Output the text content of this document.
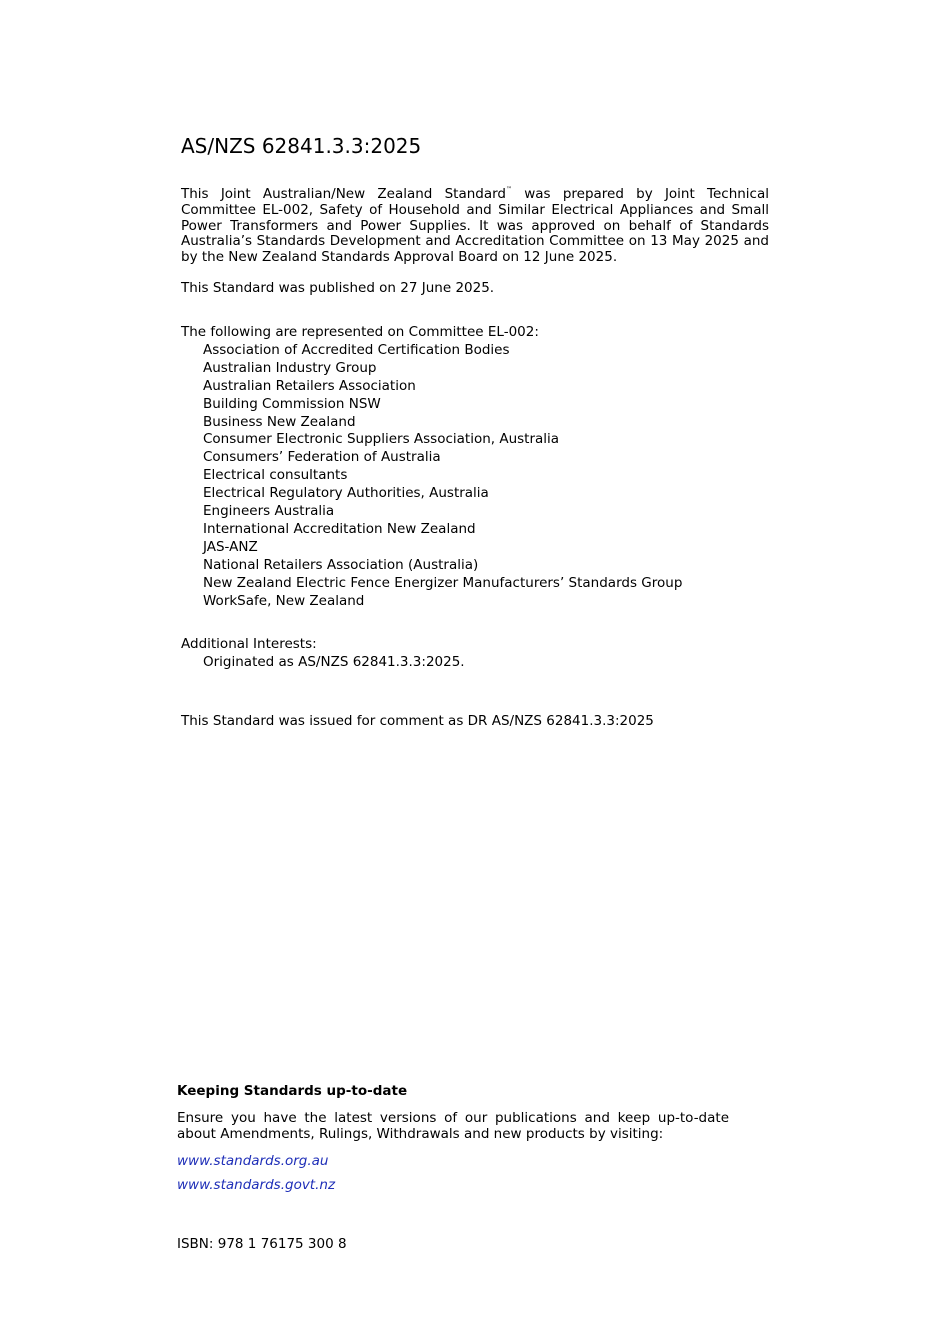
AS/NZS 62841.3.3:2025

This Joint Australian/New Zealand Standard™ was prepared by Joint Technical Committee EL-002, Safety of Household and Similar Electrical Appliances and Small Power Transformers and Power Supplies. It was approved on behalf of Standards Australia’s Standards Development and Accreditation Committee on 13 May 2025 and by the New Zealand Standards Approval Board on 12 June 2025.

This Standard was published on 27 June 2025.
The following are represented on Committee EL-002:
Association of Accredited Certification Bodies
Australian Industry Group
Australian Retailers Association
Building Commission NSW
Business New Zealand
Consumer Electronic Suppliers Association, Australia
Consumers’ Federation of Australia
Electrical consultants
Electrical Regulatory Authorities, Australia
Engineers Australia
International Accreditation New Zealand
JAS-ANZ
National Retailers Association (Australia)
New Zealand Electric Fence Energizer Manufacturers’ Standards Group
WorkSafe, New Zealand
Additional Interests:
Originated as AS/NZS 62841.3.3:2025.
This Standard was issued for comment as DR AS/NZS 62841.3.3:2025
Keeping Standards up-to-date

Ensure you have the latest versions of our publications and keep up-to-date about Amendments, Rulings, Withdrawals and new products by visiting:

www.standards.org.au
www.standards.govt.nz
ISBN: 978 1 76175 300 8
